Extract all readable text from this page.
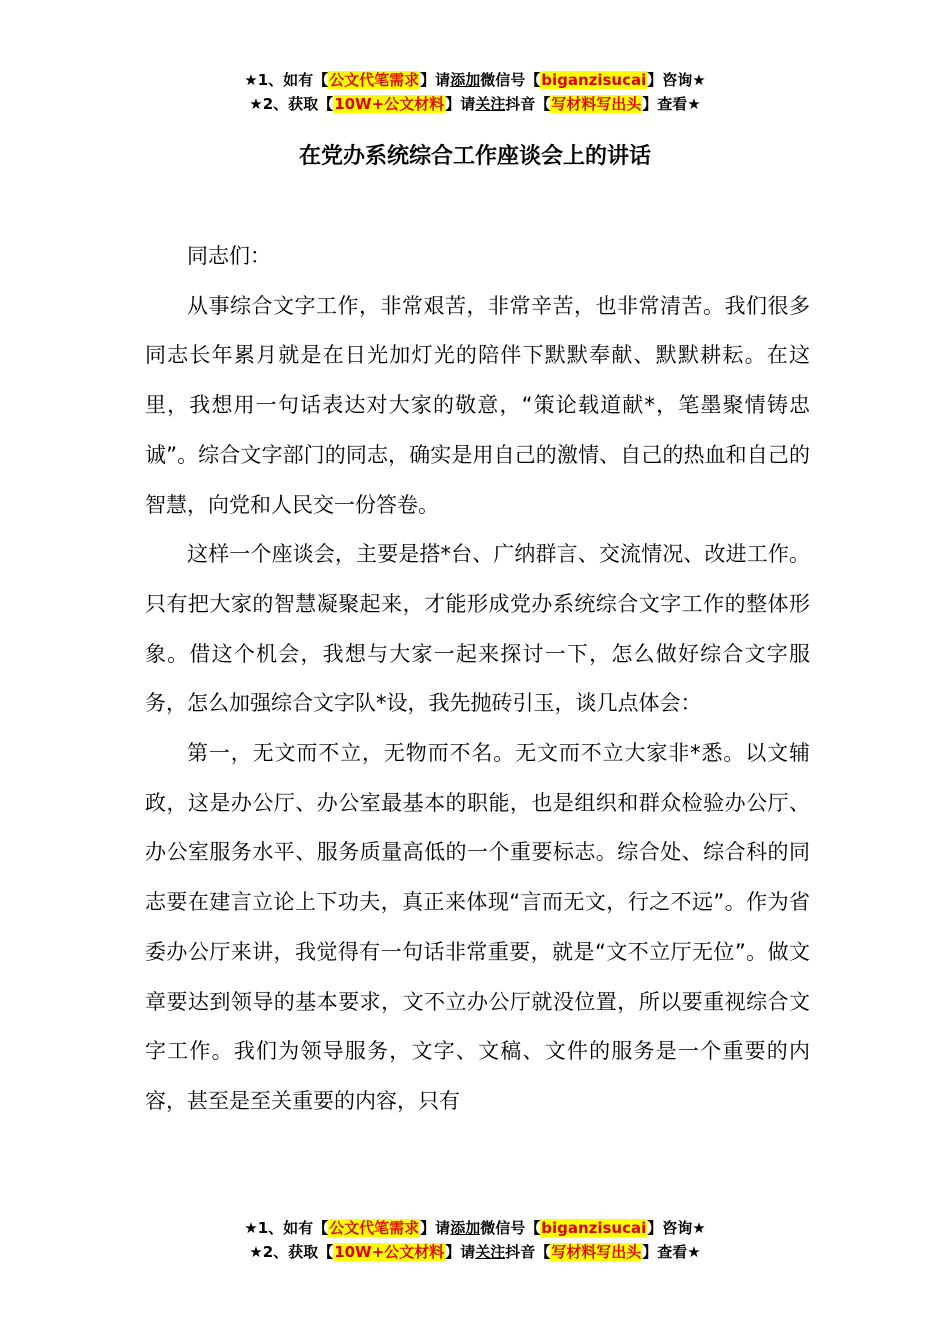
★1、如有【公文代笔需求】请添加微信号【biganzisucai】咨询★
★2、获取【10W+公文材料】请关注抖音【写材料写出头】查看★
在党办系统综合工作座谈会上的讲话

同志们：

从事综合文字工作，非常艰苦，非常辛苦，也非常清苦。我们很多同志长年累月就是在日光加灯光的陪伴下默默奉献、默默耕耘。在这里，我想用一句话表达对大家的敬意，“策论载道献*，笔墨聚情铸忠诚”。综合文字部门的同志，确实是用自己的激情、自己的热血和自己的智慧，向党和人民交一份答卷。

这样一个座谈会，主要是搭*台、广纳群言、交流情况、改进工作。只有把大家的智慧凝聚起来，才能形成党办系统综合文字工作的整体形象。借这个机会，我想与大家一起来探讨一下，怎么做好综合文字服务，怎么加强综合文字队*设，我先抛砖引玉，谈几点体会：

第一，无文而不立，无物而不名。无文而不立大家非*悉。以文辅政，这是办公厅、办公室最基本的职能，也是组织和群众检验办公厅、办公室服务水平、服务质量高低的一个重要标志。综合处、综合科的同志要在建言立论上下功夫，真正来体现“言而无文，行之不远”。作为省委办公厅来讲，我觉得有一句话非常重要，就是“文不立厅无位”。做文章要达到领导的基本要求，文不立办公厅就没位置，所以要重视综合文字工作。我们为领导服务，文字、文稿、文件的服务是一个重要的内容，甚至是至关重要的内容，只有

★1、如有【公文代笔需求】请添加微信号【biganzisucai】咨询★
★2、获取【10W+公文材料】请关注抖音【写材料写出头】查看★
